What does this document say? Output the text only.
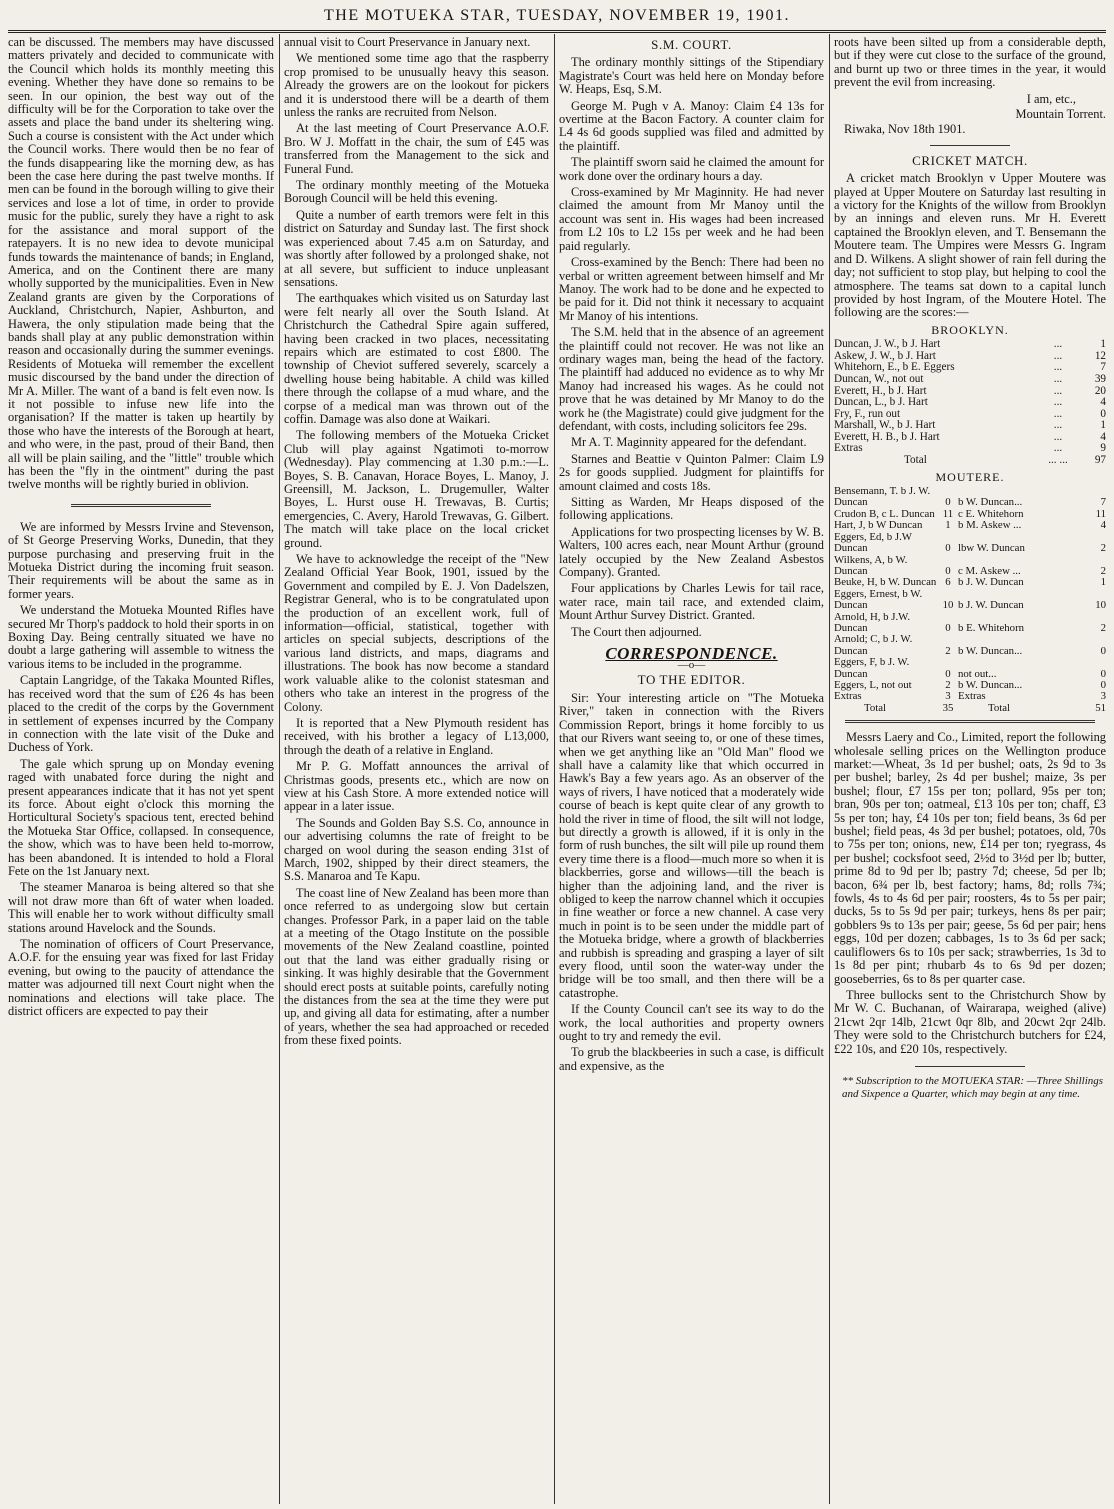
THE MOTUEKA STAR, TUESDAY, NOVEMBER 19, 1901.

can be discussed. The members may have discussed matters privately and decided to communicate with the Council which holds its monthly meeting this evening. Whether they have done so remains to be seen. In our opinion, the best way out of the difficulty will be for the Corporation to take over the assets and place the band under its sheltering wing. Such a course is consistent with the Act under which the Council works. There would then be no fear of the funds disappearing like the morning dew, as has been the case here during the past twelve months. If men can be found in the borough willing to give their services and lose a lot of time, in order to provide music for the public, surely they have a right to ask for the assistance and moral support of the ratepayers. It is no new idea to devote municipal funds towards the maintenance of bands; in England, America, and on the Continent there are many wholly supported by the municipalities. Even in New Zealand grants are given by the Corporations of Auckland, Christchurch, Napier, Ashburton, and Hawera, the only stipulation made being that the bands shall play at any public demonstration within reason and occasionally during the summer evenings. Residents of Motueka will remember the excellent music discoursed by the band under the direction of Mr A. Miller. The want of a band is felt even now. Is it not possible to infuse new life into the organisation? If the matter is taken up heartily by those who have the interests of the Borough at heart, and who were, in the past, proud of their Band, then all will be plain sailing, and the "little" trouble which has been the "fly in the ointment" during the past twelve months will be rightly buried in oblivion.

We are informed by Messrs Irvine and Stevenson, of St George Preserving Works, Dunedin, that they purpose purchasing and preserving fruit in the Motueka District during the incoming fruit season. Their requirements will be about the same as in former years.

We understand the Motueka Mounted Rifles have secured Mr Thorp's paddock to hold their sports in on Boxing Day. Being centrally situated we have no doubt a large gathering will assemble to witness the various items to be included in the programme.

Captain Langridge, of the Takaka Mounted Rifles, has received word that the sum of £26 4s has been placed to the credit of the corps by the Government in settlement of expenses incurred by the Company in connection with the late visit of the Duke and Duchess of York.

The gale which sprung up on Monday evening raged with unabated force during the night and present appearances indicate that it has not yet spent its force. About eight o'clock this morning the Horticultural Society's spacious tent, erected behind the Motueka Star Office, collapsed. In consequence, the show, which was to have been held to-morrow, has been abandoned. It is intended to hold a Floral Fete on the 1st January next.

The steamer Manaroa is being altered so that she will not draw more than 6ft of water when loaded. This will enable her to work without difficulty small stations around Havelock and the Sounds.

The nomination of officers of Court Preservance, A.O.F. for the ensuing year was fixed for last Friday evening, but owing to the paucity of attendance the matter was adjourned till next Court night when the nominations and elections will take place. The district officers are expected to pay their

annual visit to Court Preservance in January next.

We mentioned some time ago that the raspberry crop promised to be unusually heavy this season. Already the growers are on the lookout for pickers and it is understood there will be a dearth of them unless the ranks are recruited from Nelson.

At the last meeting of Court Preservance A.O.F. Bro. W J. Moffatt in the chair, the sum of £45 was transferred from the Management to the sick and Funeral Fund.

The ordinary monthly meeting of the Motueka Borough Council will be held this evening.

Quite a number of earth tremors were felt in this district on Saturday and Sunday last. The first shock was experienced about 7.45 a.m on Saturday, and was shortly after followed by a prolonged shake, not at all severe, but sufficient to induce unpleasant sensations.

The earthquakes which visited us on Saturday last were felt nearly all over the South Island. At Christchurch the Cathedral Spire again suffered, having been cracked in two places, necessitating repairs which are estimated to cost £800. The township of Cheviot suffered severely, scarcely a dwelling house being habitable. A child was killed there through the collapse of a mud whare, and the corpse of a medical man was thrown out of the coffin. Damage was also done at Waikari.

The following members of the Motueka Cricket Club will play against Ngatimoti to-morrow (Wednesday). Play commencing at 1.30 p.m.:—L. Boyes, S. B. Canavan, Horace Boyes, L. Manoy, J. Greensill, M. Jackson, L. Drugemuller, Walter Boyes, L. Hurst ouse H. Trewavas, B. Curtis; emergencies, C. Avery, Harold Trewavas, G. Gilbert. The match will take place on the local cricket ground.

We have to acknowledge the receipt of the "New Zealand Official Year Book, 1901, issued by the Government and compiled by E. J. Von Dadelszen, Registrar General, who is to be congratulated upon the production of an excellent work, full of information—official, statistical, together with articles on special subjects, descriptions of the various land districts, and maps, diagrams and illustrations. The book has now become a standard work valuable alike to the colonist statesman and others who take an interest in the progress of the Colony.

It is reported that a New Plymouth resident has received, with his brother a legacy of L13,000, through the death of a relative in England.

Mr P. G. Moffatt announces the arrival of Christmas goods, presents etc., which are now on view at his Cash Store. A more extended notice will appear in a later issue.

The Sounds and Golden Bay S.S. Co, announce in our advertising columns the rate of freight to be charged on wool during the season ending 31st of March, 1902, shipped by their direct steamers, the S.S. Manaroa and Te Kapu.

The coast line of New Zealand has been more than once referred to as undergoing slow but certain changes. Professor Park, in a paper laid on the table at a meeting of the Otago Institute on the possible movements of the New Zealand coastline, pointed out that the land was either gradually rising or sinking. It was highly desirable that the Government should erect posts at suitable points, carefully noting the distances from the sea at the time they were put up, and giving all data for estimating, after a number of years, whether the sea had approached or receded from these fixed points.

S.M. COURT.

The ordinary monthly sittings of the Stipendiary Magistrate's Court was held here on Monday before W. Heaps, Esq, S.M.

George M. Pugh v A. Manoy: Claim £4 13s for overtime at the Bacon Factory. A counter claim for L4 4s 6d goods supplied was filed and admitted by the plaintiff.

The plaintiff sworn said he claimed the amount for work done over the ordinary hours a day.

Cross-examined by Mr Maginnity. He had never claimed the amount from Mr Manoy until the account was sent in. His wages had been increased from L2 10s to L2 15s per week and he had been paid regularly.

Cross-examined by the Bench: There had been no verbal or written agreement between himself and Mr Manoy. The work had to be done and he expected to be paid for it. Did not think it necessary to acquaint Mr Manoy of his intentions.

The S.M. held that in the absence of an agreement the plaintiff could not recover. He was not like an ordinary wages man, being the head of the factory. The plaintiff had adduced no evidence as to why Mr Manoy had increased his wages. As he could not prove that he was detained by Mr Manoy to do the work he (the Magistrate) could give judgment for the defendant, with costs, including solicitors fee 29s.

Mr A. T. Maginnity appeared for the defendant.

Starnes and Beattie v Quinton Palmer: Claim L9 2s for goods supplied. Judgment for plaintiffs for amount claimed and costs 18s.

Sitting as Warden, Mr Heaps disposed of the following applications.

Applications for two prospecting licenses by W. B. Walters, 100 acres each, near Mount Arthur (ground lately occupied by the New Zealand Asbestos Company). Granted.

Four applications by Charles Lewis for tail race, water race, main tail race, and extended claim, Mount Arthur Survey District. Granted.

The Court then adjourned.

CORRESPONDENCE.
—o—
TO THE EDITOR.

Sir: Your interesting article on "The Motueka River," taken in connection with the Rivers Commission Report, brings it home forcibly to us that our Rivers want seeing to, or one of these times, when we get anything like an "Old Man" flood we shall have a calamity like that which occurred in Hawk's Bay a few years ago. As an observer of the ways of rivers, I have noticed that a moderately wide course of beach is kept quite clear of any growth to hold the river in time of flood, the silt will not lodge, but directly a growth is allowed, if it is only in the form of rush bunches, the silt will pile up round them every time there is a flood—much more so when it is blackberries, gorse and willows—till the beach is higher than the adjoining land, and the river is obliged to keep the narrow channel which it occupies in fine weather or force a new channel. A case very much in point is to be seen under the middle part of the Motueka bridge, where a growth of blackberries and rubbish is spreading and grasping a layer of silt every flood, until soon the water-way under the bridge will be too small, and then there will be a catastrophe.

If the County Council can't see its way to do the work, the local authorities and property owners ought to try and remedy the evil.

To grub the blackbeeries in such a case, is difficult and expensive, as the

roots have been silted up from a considerable depth, but if they were cut close to the surface of the ground, and burnt up two or three times in the year, it would prevent the evil from increasing.

I am, etc.,
Mountain Torrent.
Riwaka, Nov 18th 1901.
CRICKET MATCH.

A cricket match Brooklyn v Upper Moutere was played at Upper Moutere on Saturday last resulting in a victory for the Knights of the willow from Brooklyn by an innings and eleven runs. Mr H. Everett captained the Brooklyn eleven, and T. Bensemann the Moutere team. The Umpires were Messrs G. Ingram and D. Wilkens. A slight shower of rain fell during the day; not sufficient to stop play, but helping to cool the atmosphere. The teams sat down to a capital lunch provided by host Ingram, of the Moutere Hotel. The following are the scores:—

BROOKLYN.
Duncan, J. W., b J. Hart	...	1
Askew, J. W., b J. Hart	...	12
Whitehorn, E., b E. Eggers	...	7
Duncan, W., not out	...	39
Everett, H., b J. Hart	...	20
Duncan, L., b J. Hart	...	4
Fry, F., run out	...	0
Marshall, W., b J. Hart	...	1
Everett, H. B., b J. Hart	...	4
Extras	...	9
Total	... ...	97
MOUTERE.
Bensemann, T. b J. W. Duncan	0	b W. Duncan...	7
Crudon B, c L. Duncan	11	c E. Whitehorn	11
Hart, J, b W Duncan	1	b M. Askew ...	4
Eggers, Ed, b J.W Duncan	0	lbw W. Duncan	2
Wilkens, A, b W. Duncan	0	c M. Askew ...	2
Beuke, H, b W. Duncan	6	b J. W. Duncan	1
Eggers, Ernest, b W. Duncan	10	b J. W. Duncan	10
Arnold, H, b J.W. Duncan	0	b E. Whitehorn	2
Arnold; C, b J. W. Duncan	2	b W. Duncan...	0
Eggers, F, b J. W. Duncan	0	not out...	0
Eggers, L, not out	2	b W. Duncan...	0
Extras	3	Extras	3
Total	35	Total	51

Messrs Laery and Co., Limited, report the following wholesale selling prices on the Wellington produce market:—Wheat, 3s 1d per bushel; oats, 2s 9d to 3s per bushel; barley, 2s 4d per bushel; maize, 3s per bushel; flour, £7 15s per ton; pollard, 95s per ton; bran, 90s per ton; oatmeal, £13 10s per ton; chaff, £3 5s per ton; hay, £4 10s per ton; field beans, 3s 6d per bushel; field peas, 4s 3d per bushel; potatoes, old, 70s to 75s per ton; onions, new, £14 per ton; ryegrass, 4s per bushel; cocksfoot seed, 2½d to 3½d per lb; butter, prime 8d to 9d per lb; pastry 7d; cheese, 5d per lb; bacon, 6¾ per lb, best factory; hams, 8d; rolls 7¾; fowls, 4s to 4s 6d per pair; roosters, 4s to 5s per pair; ducks, 5s to 5s 9d per pair; turkeys, hens 8s per pair; gobblers 9s to 13s per pair; geese, 5s 6d per pair; hens eggs, 10d per dozen; cabbages, 1s to 3s 6d per sack; cauliflowers 6s to 10s per sack; strawberries, 1s 3d to 1s 8d per pint; rhubarb 4s to 6s 9d per dozen; gooseberries, 6s to 8s per quarter case.

Three bullocks sent to the Christchurch Show by Mr W. C. Buchanan, of Wairarapa, weighed (alive) 21cwt 2qr 14lb, 21cwt 0qr 8lb, and 20cwt 2qr 24lb. They were sold to the Christchurch butchers for £24, £22 10s, and £20 10s, respectively.

** Subscription to the MOTUEKA STAR: —Three Shillings and Sixpence a Quarter, which may begin at any time.
